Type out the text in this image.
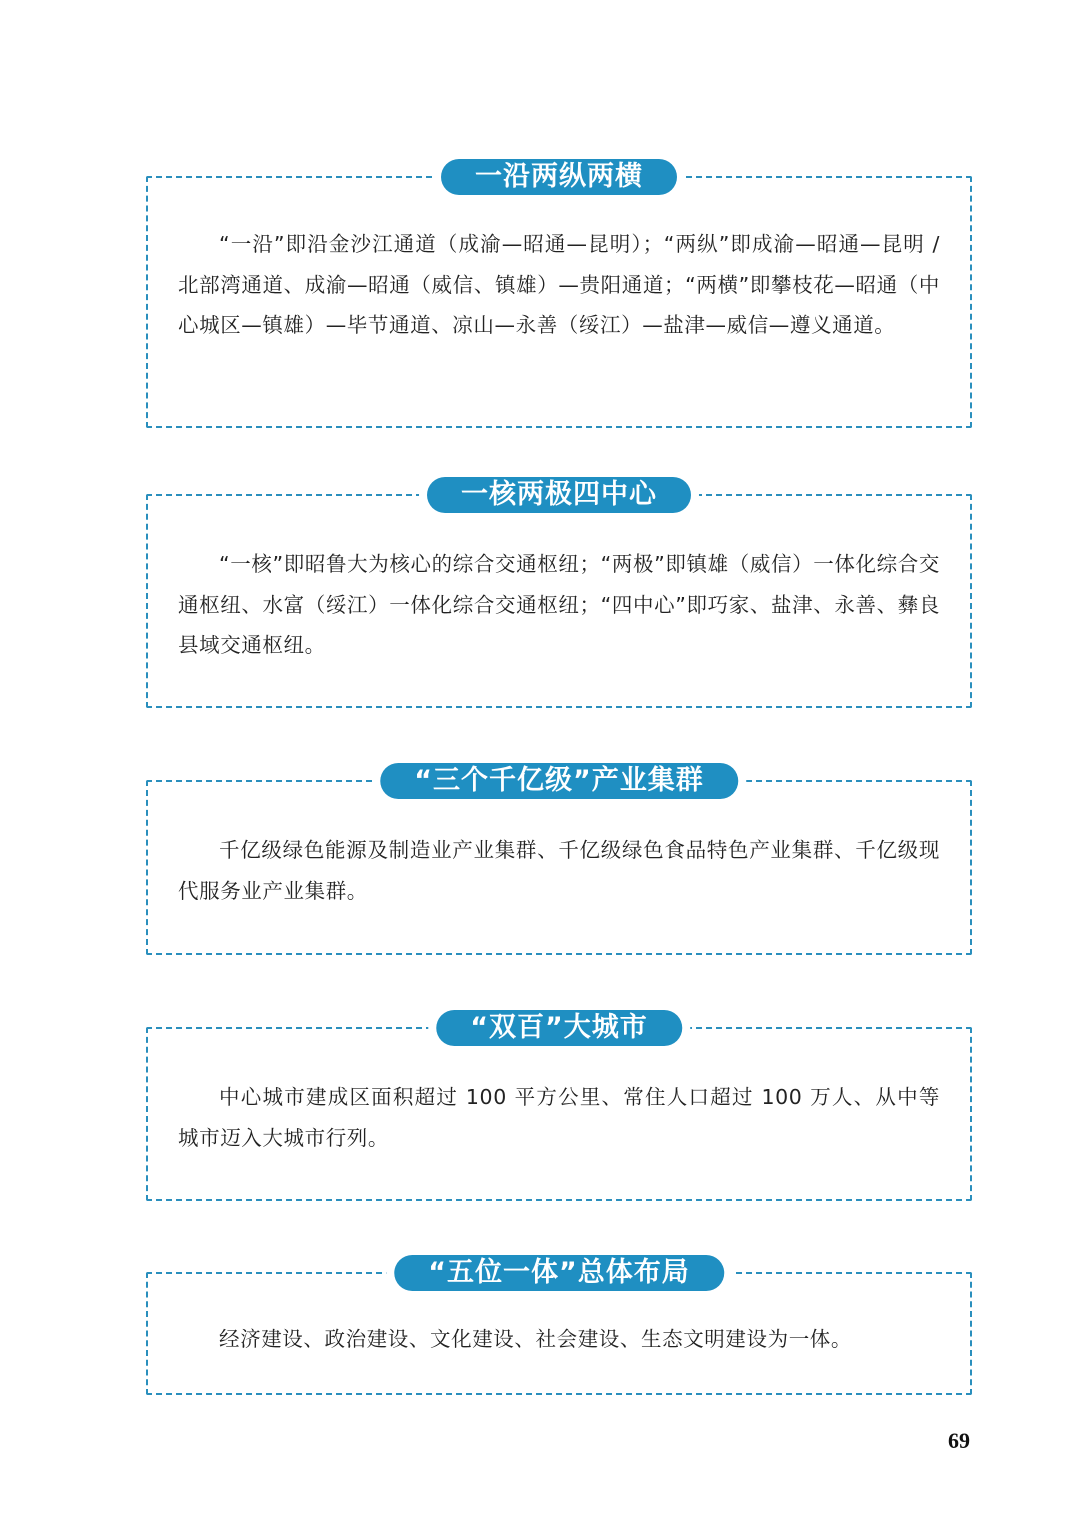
一沿两纵两横

“一沿”即沿金沙江通道（成渝—昭通—昆明）；“两纵”即成渝—昭通—昆明 / 北部湾通道、成渝—昭通（威信、镇雄）—贵阳通道；“两横”即攀枝花—昭通（中心城区—镇雄）—毕节通道、凉山—永善（绥江）—盐津—威信—遵义通道。

一核两极四中心

“一核”即昭鲁大为核心的综合交通枢纽；“两极”即镇雄（威信）一体化综合交通枢纽、水富（绥江）一体化综合交通枢纽；“四中心”即巧家、盐津、永善、彝良县域交通枢纽。

“三个千亿级”产业集群

千亿级绿色能源及制造业产业集群、千亿级绿色食品特色产业集群、千亿级现代服务业产业集群。

“双百”大城市

中心城市建成区面积超过 100 平方公里、常住人口超过 100 万人、从中等城市迈入大城市行列。

“五位一体”总体布局

经济建设、政治建设、文化建设、社会建设、生态文明建设为一体。

69
